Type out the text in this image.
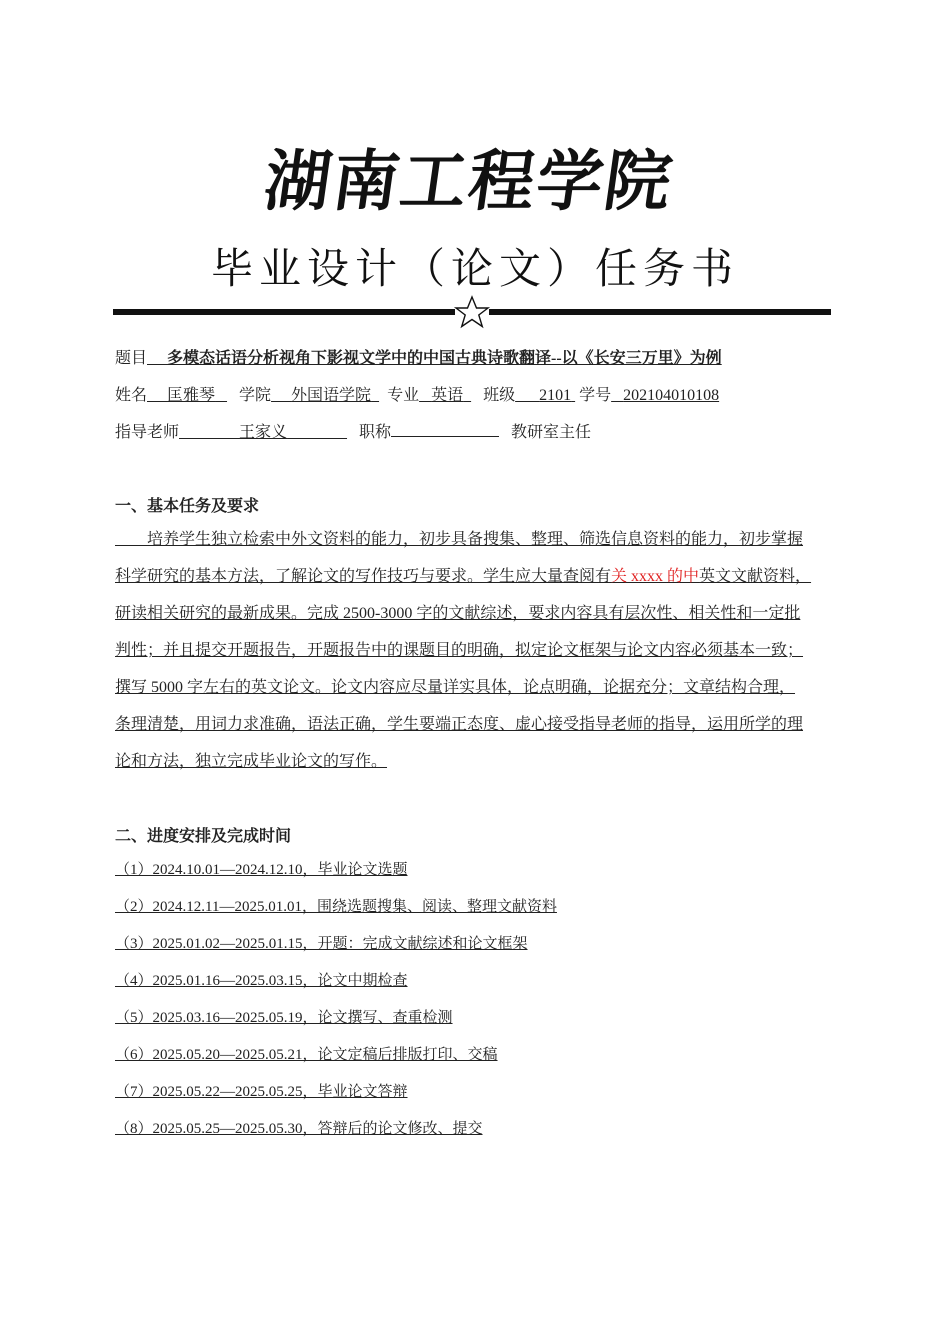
湖南工程学院
毕业设计（论文）任务书
题目 多模态话语分析视角下影视文学中的中国古典诗歌翻译--以《长安三万里》为例
姓名 匡雅琴 学院 外国语学院 专业 英语 班级 2101 学号 202104010108
指导老师	王家义	职称	教研室主任
一、基本任务及要求
　　培养学生独立检索中外文资料的能力，初步具备搜集、整理、筛选信息资料的能力，初步掌握
科学研究的基本方法，了解论文的写作技巧与要求。学生应大量查阅有关 xxxx 的中英文文献资料，
研读相关研究的最新成果。完成 2500-3000 字的文献综述，要求内容具有层次性、相关性和一定批
判性；并且提交开题报告，开题报告中的课题目的明确，拟定论文框架与论文内容必须基本一致；
撰写 5000 字左右的英文论文。论文内容应尽量详实具体，论点明确，论据充分；文章结构合理，
条理清楚，用词力求准确，语法正确，学生要端正态度、虚心接受指导老师的指导，运用所学的理
论和方法，独立完成毕业论文的写作。
二、进度安排及完成时间
（1）2024.10.01—2024.12.10，毕业论文选题
（2）2024.12.11—2025.01.01，围绕选题搜集、阅读、整理文献资料
（3）2025.01.02—2025.01.15，开题：完成文献综述和论文框架
（4）2025.01.16—2025.03.15，论文中期检查
（5）2025.03.16—2025.05.19，论文撰写、查重检测
（6）2025.05.20—2025.05.21，论文定稿后排版打印、交稿
（7）2025.05.22—2025.05.25，毕业论文答辩
（8）2025.05.25—2025.05.30，答辩后的论文修改、提交
